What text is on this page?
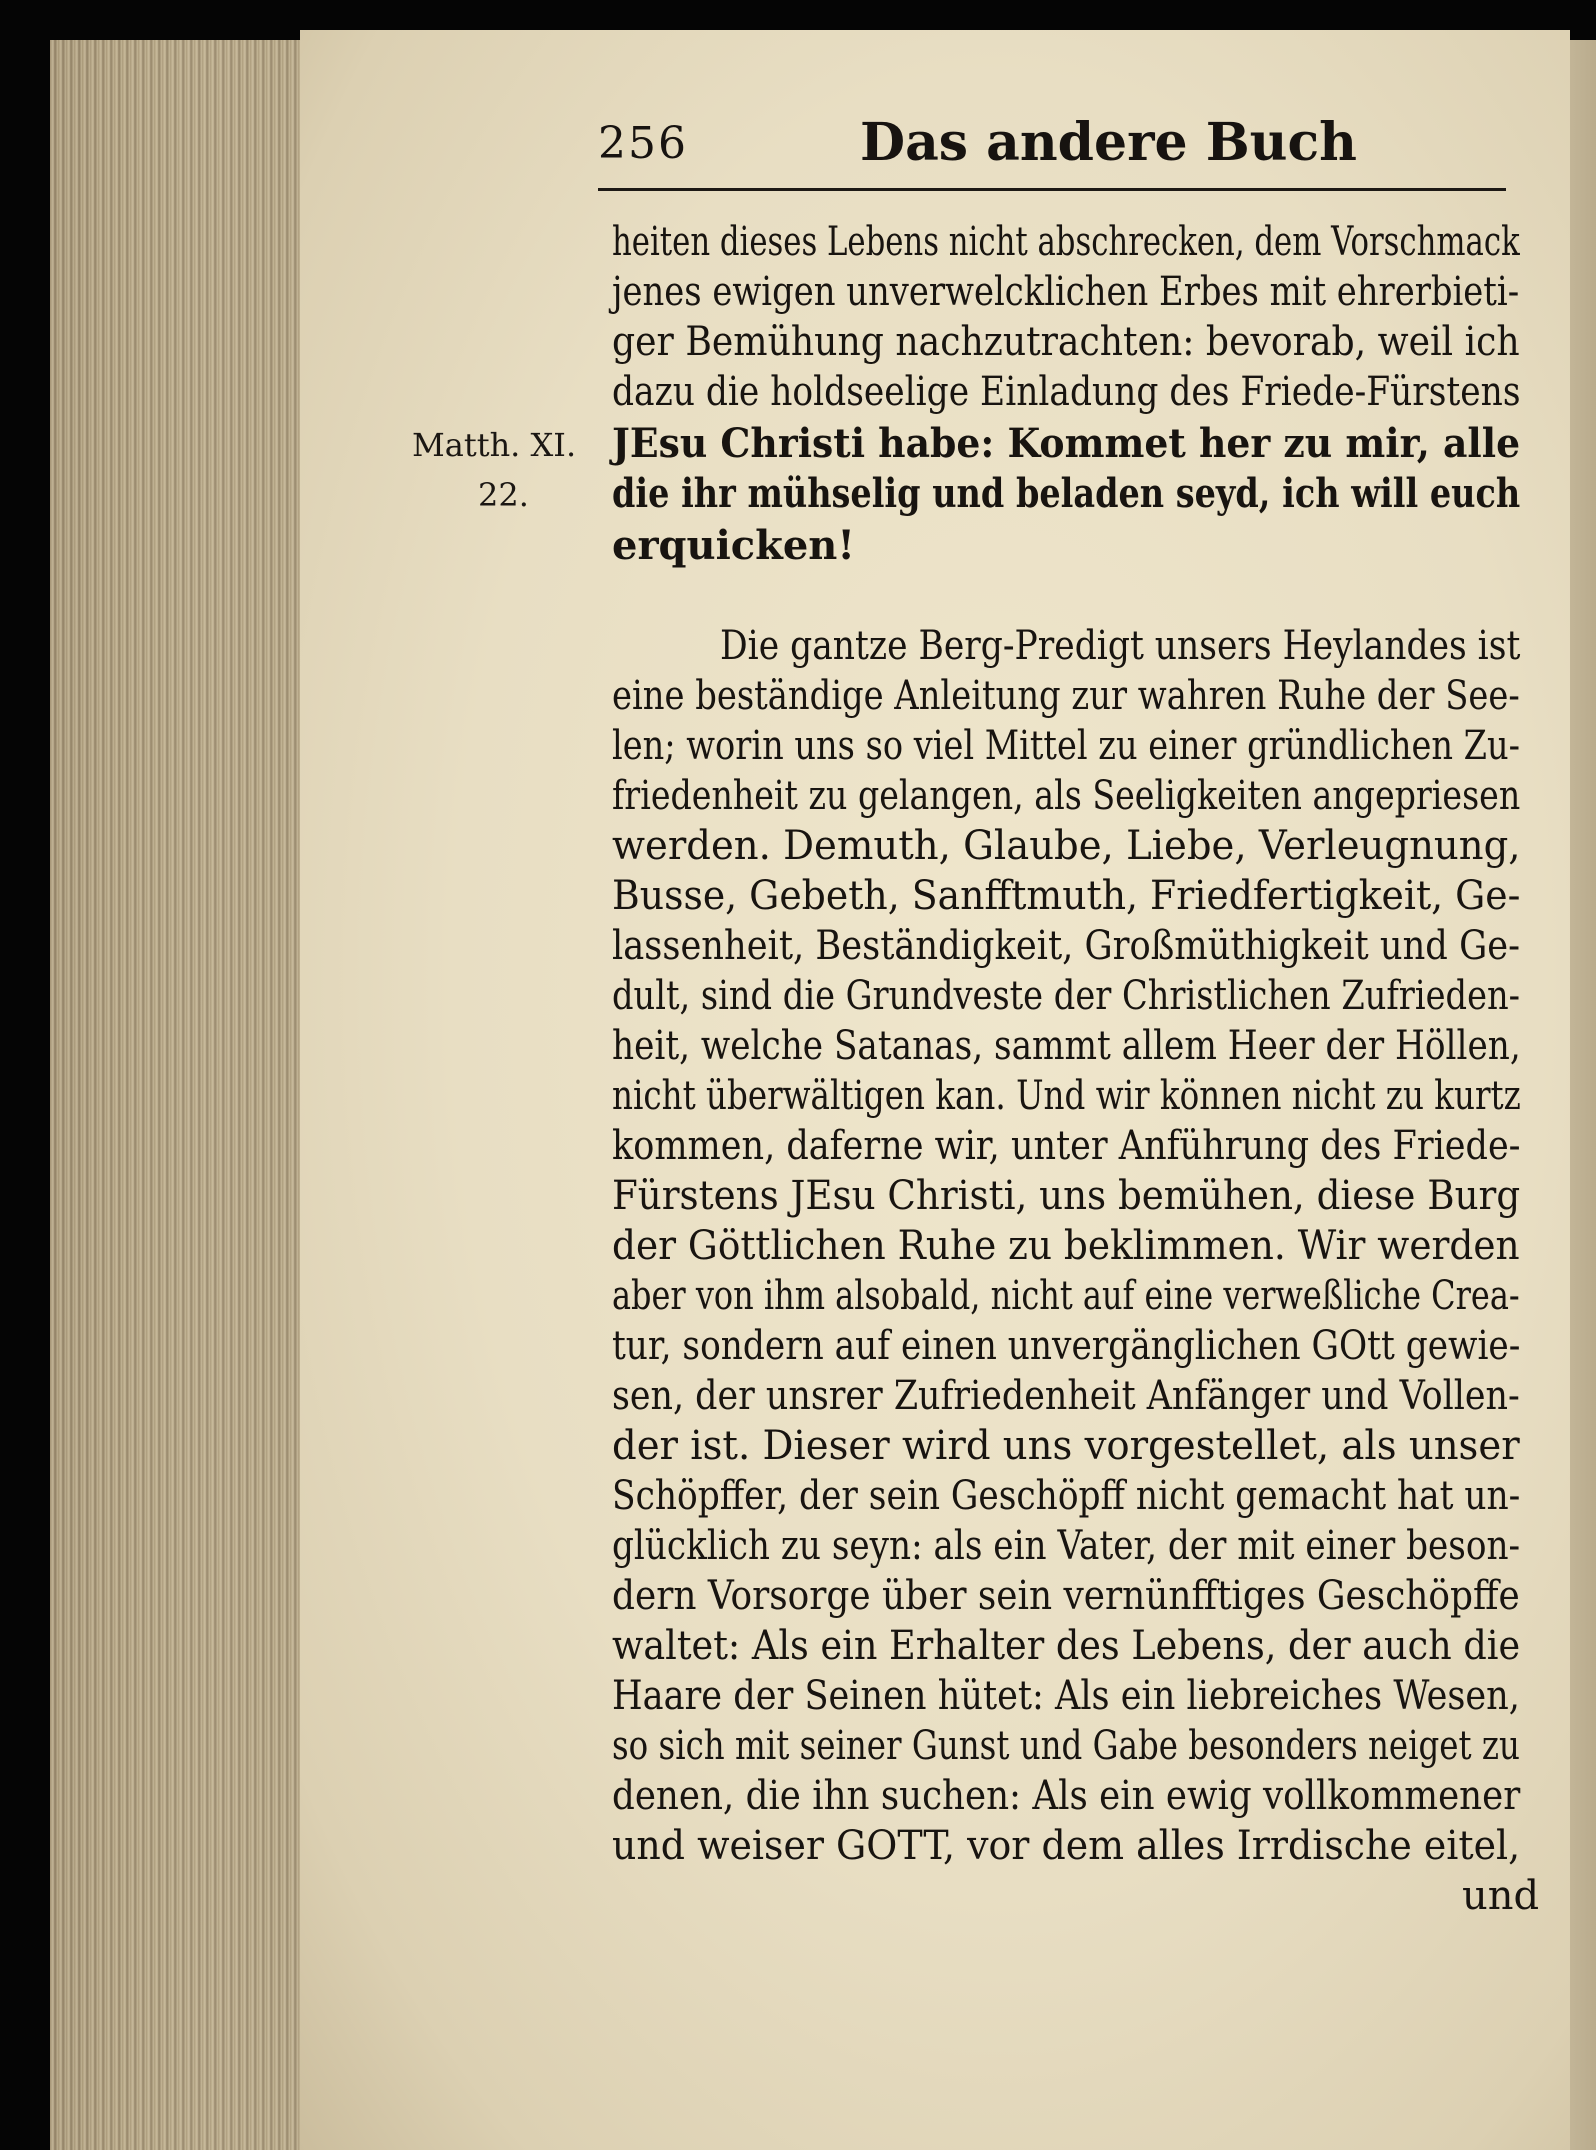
256	Das andere Buch
Matth. XI.
22.
heiten dieses Lebens nicht abschrecken, dem Vorschmack
jenes ewigen unverwelcklichen Erbes mit ehrerbieti-
ger Bemühung nachzutrachten: bevorab, weil ich
dazu die holdseelige Einladung des Friede-Fürstens
JEsu Christi habe: Kommet her zu mir, alle
die ihr mühselig und beladen seyd, ich will euch
erquicken!
Die gantze Berg-Predigt unsers Heylandes ist
eine beständige Anleitung zur wahren Ruhe der See-
len; worin uns so viel Mittel zu einer gründlichen Zu-
friedenheit zu gelangen, als Seeligkeiten angepriesen
werden. Demuth, Glaube, Liebe, Verleugnung,
Busse, Gebeth, Sanfftmuth, Friedfertigkeit, Ge-
lassenheit, Beständigkeit, Großmüthigkeit und Ge-
dult, sind die Grundveste der Christlichen Zufrieden-
heit, welche Satanas, sammt allem Heer der Höllen,
nicht überwältigen kan. Und wir können nicht zu kurtz
kommen, daferne wir, unter Anführung des Friede-
Fürstens JEsu Christi, uns bemühen, diese Burg
der Göttlichen Ruhe zu beklimmen. Wir werden
aber von ihm alsobald, nicht auf eine verweßliche Crea-
tur, sondern auf einen unvergänglichen GOtt gewie-
sen, der unsrer Zufriedenheit Anfänger und Vollen-
der ist. Dieser wird uns vorgestellet, als unser
Schöpffer, der sein Geschöpff nicht gemacht hat un-
glücklich zu seyn: als ein Vater, der mit einer beson-
dern Vorsorge über sein vernünfftiges Geschöpffe
waltet: Als ein Erhalter des Lebens, der auch die
Haare der Seinen hütet: Als ein liebreiches Wesen,
so sich mit seiner Gunst und Gabe besonders neiget zu
denen, die ihn suchen: Als ein ewig vollkommener
und weiser GOTT, vor dem alles Irrdische eitel,
und
